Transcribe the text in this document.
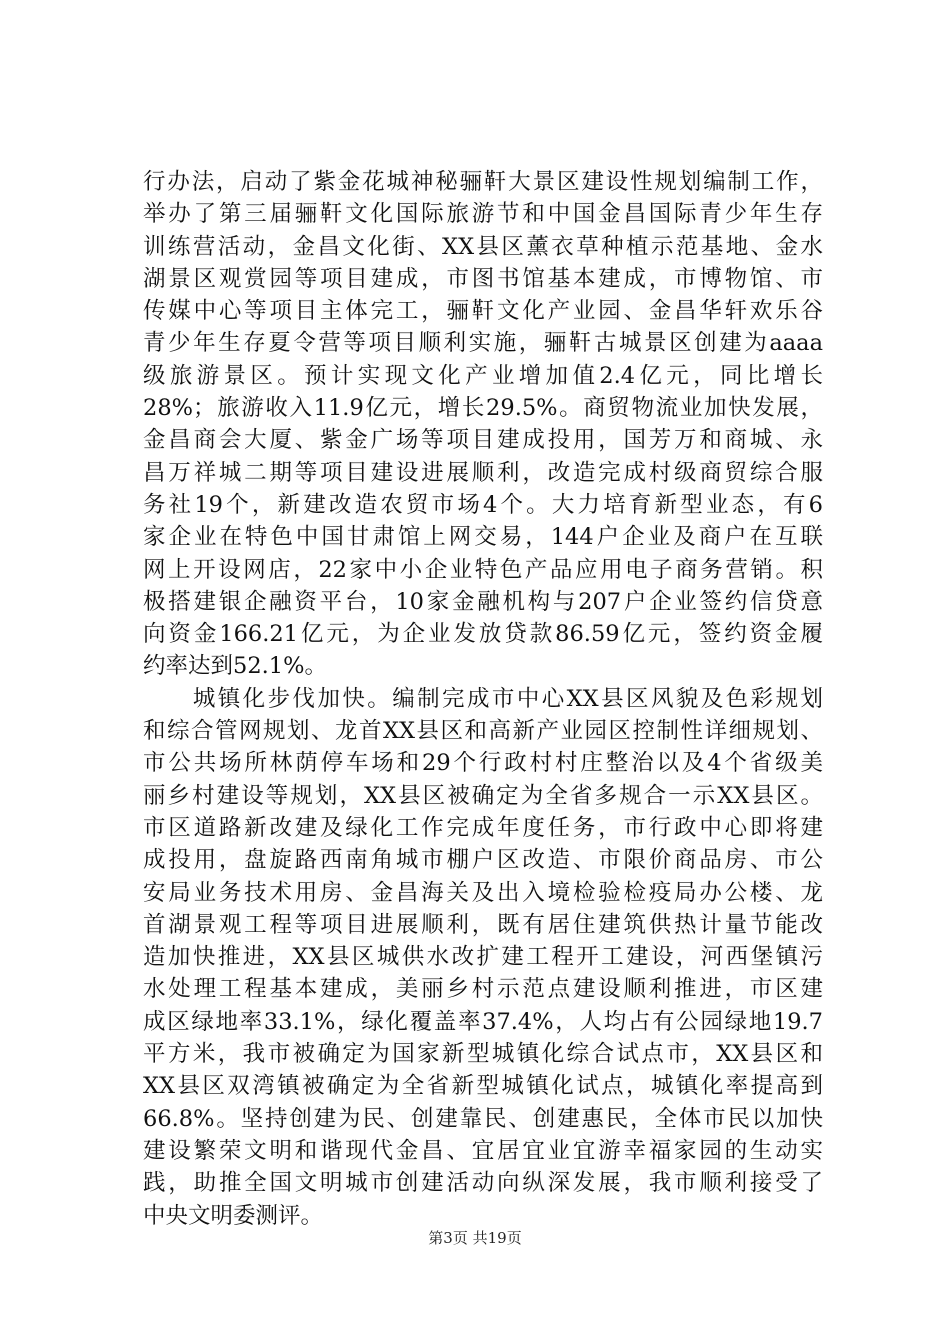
行办法，启动了紫金花城神秘骊靬大景区建设性规划编制工作，
举办了第三届骊靬文化国际旅游节和中国金昌国际青少年生存
训练营活动，金昌文化街、XX县区薰衣草种植示范基地、金水
湖景区观赏园等项目建成，市图书馆基本建成，市博物馆、市
传媒中心等项目主体完工，骊靬文化产业园、金昌华轩欢乐谷
青少年生存夏令营等项目顺利实施，骊靬古城景区创建为aaaa
级旅游景区。预计实现文化产业增加值2.4亿元，同比增长
28%；旅游收入11.9亿元，增长29.5%。商贸物流业加快发展，
金昌商会大厦、紫金广场等项目建成投用，国芳万和商城、永
昌万祥城二期等项目建设进展顺利，改造完成村级商贸综合服
务社19个，新建改造农贸市场4个。大力培育新型业态，有6
家企业在特色中国甘肃馆上网交易，144户企业及商户在互联
网上开设网店，22家中小企业特色产品应用电子商务营销。积
极搭建银企融资平台，10家金融机构与207户企业签约信贷意
向资金166.21亿元，为企业发放贷款86.59亿元，签约资金履
约率达到52.1%。
　　城镇化步伐加快。编制完成市中心XX县区风貌及色彩规划
和综合管网规划、龙首XX县区和高新产业园区控制性详细规划、
市公共场所林荫停车场和29个行政村村庄整治以及4个省级美
丽乡村建设等规划，XX县区被确定为全省多规合一示XX县区。
市区道路新改建及绿化工作完成年度任务，市行政中心即将建
成投用，盘旋路西南角城市棚户区改造、市限价商品房、市公
安局业务技术用房、金昌海关及出入境检验检疫局办公楼、龙
首湖景观工程等项目进展顺利，既有居住建筑供热计量节能改
造加快推进，XX县区城供水改扩建工程开工建设，河西堡镇污
水处理工程基本建成，美丽乡村示范点建设顺利推进，市区建
成区绿地率33.1%，绿化覆盖率37.4%，人均占有公园绿地19.7
平方米，我市被确定为国家新型城镇化综合试点市，XX县区和
XX县区双湾镇被确定为全省新型城镇化试点，城镇化率提高到
66.8%。坚持创建为民、创建靠民、创建惠民，全体市民以加快
建设繁荣文明和谐现代金昌、宜居宜业宜游幸福家园的生动实
践，助推全国文明城市创建活动向纵深发展，我市顺利接受了
中央文明委测评。
第3页 共19页
